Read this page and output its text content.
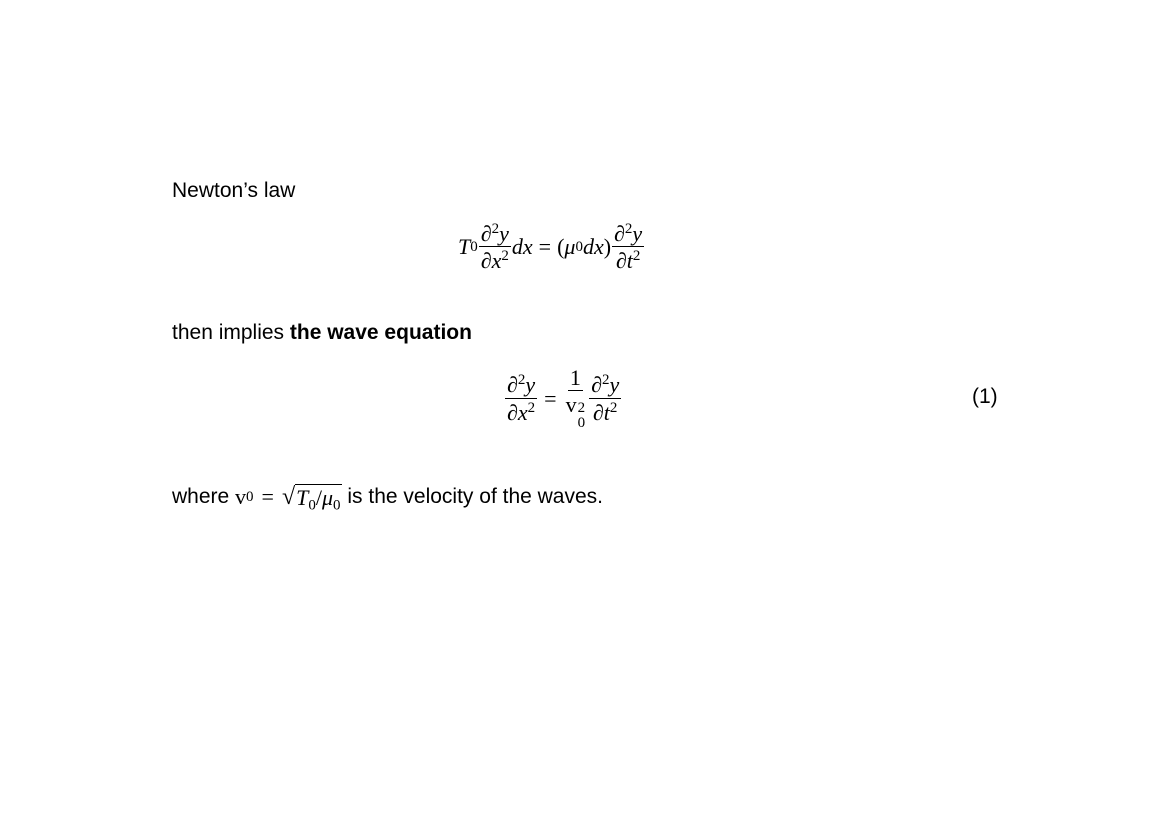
Newton’s law
T $0 \frac{\partial^2y}{\partial x^2}$ dx = ( μ 0 dx ) $\frac{\partial^2y}{\partial t^2}$
then implies the wave equation
$\frac{\partial^2y}{\partial x^2} = 1$
v 2
$0 \frac{\partial^2y}{\partial t^2}$	(1)
where v 0 = √ $T_0/\mu_0$ is the velocity of the waves.
